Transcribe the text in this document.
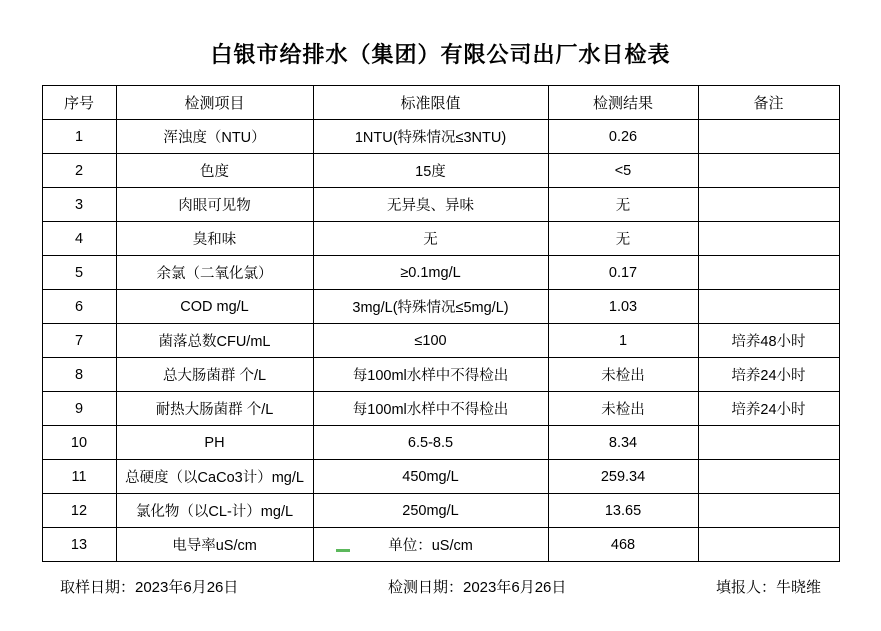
白银市给排水（集团）有限公司出厂水日检表
序号	检测项目	标准限值	检测结果	备注
1	浑浊度（NTU）	1NTU(特殊情况≤3NTU)	0.26	
2	色度	15度	<5	
3	肉眼可见物	无异臭、异味	无	
4	臭和味	无	无	
5	余氯（二氧化氯）	≥0.1mg/L	0.17	
6	COD mg/L	3mg/L(特殊情况≤5mg/L)	1.03	
7	菌落总数CFU/mL	≤100	1	培养48小时
8	总大肠菌群 个/L	每100ml水样中不得检出	未检出	培养24小时
9	耐热大肠菌群 个/L	每100ml水样中不得检出	未检出	培养24小时
10	PH	6.5-8.5	8.34	
11	总硬度（以CaCo3计）mg/L	450mg/L	259.34	
12	氯化物（以CL-计）mg/L	250mg/L	13.65	
13	电导率uS/cm	单位：uS/cm	468	
取样日期：2023年6月26日	检测日期：2023年6月26日	填报人：牛晓维
